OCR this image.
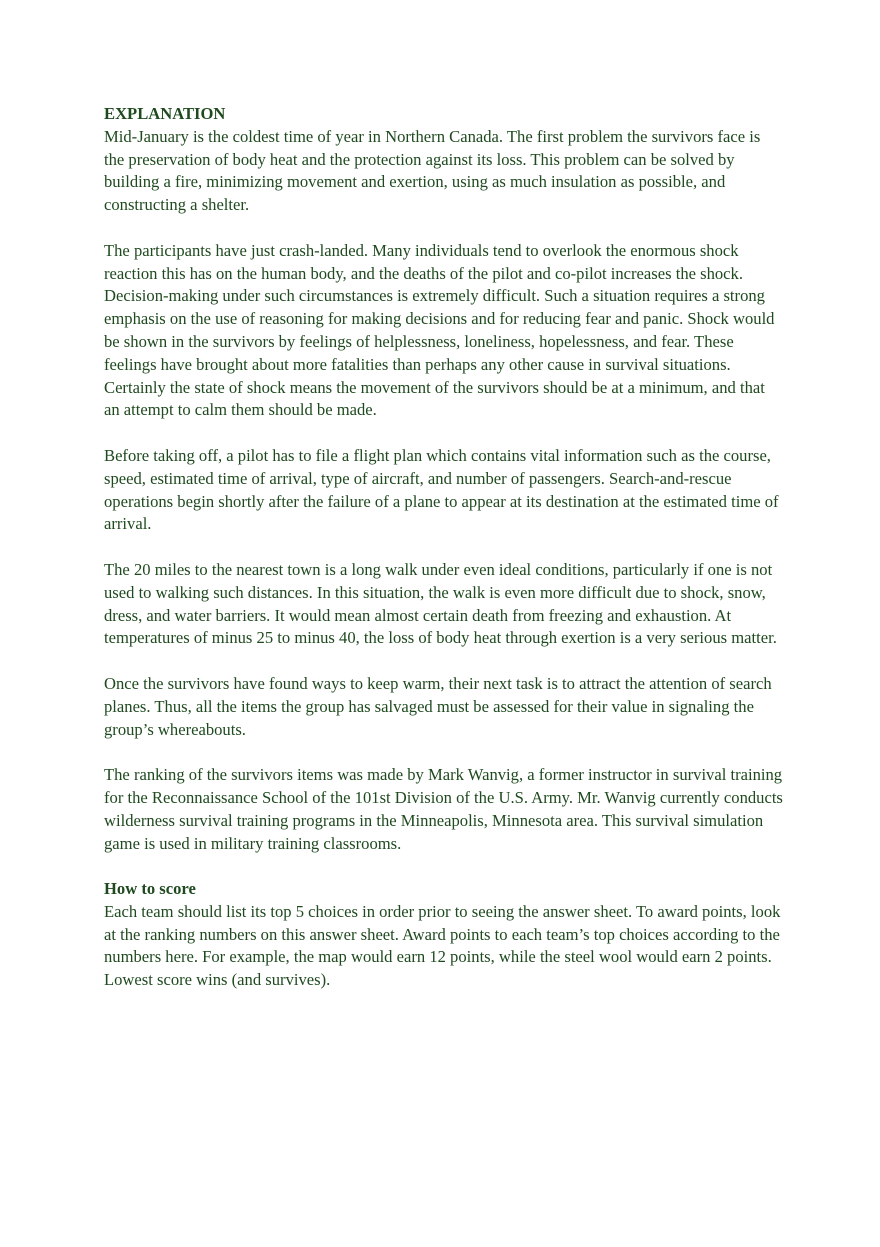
EXPLANATION

Mid-January is the coldest time of year in Northern Canada. The first problem the survivors face is the preservation of body heat and the protection against its loss. This problem can be solved by building a fire, minimizing movement and exertion, using as much insulation as possible, and constructing a shelter.

The participants have just crash-landed. Many individuals tend to overlook the enormous shock reaction this has on the human body, and the deaths of the pilot and co-pilot increases the shock. Decision-making under such circumstances is extremely difficult. Such a situation requires a strong emphasis on the use of reasoning for making decisions and for reducing fear and panic. Shock would be shown in the survivors by feelings of helplessness, loneliness, hopelessness, and fear. These feelings have brought about more fatalities than perhaps any other cause in survival situations. Certainly the state of shock means the movement of the survivors should be at a minimum, and that an attempt to calm them should be made.

Before taking off, a pilot has to file a flight plan which contains vital information such as the course, speed, estimated time of arrival, type of aircraft, and number of passengers. Search-and-rescue operations begin shortly after the failure of a plane to appear at its destination at the estimated time of arrival.

The 20 miles to the nearest town is a long walk under even ideal conditions, particularly if one is not used to walking such distances. In this situation, the walk is even more difficult due to shock, snow, dress, and water barriers. It would mean almost certain death from freezing and exhaustion. At temperatures of minus 25 to minus 40, the loss of body heat through exertion is a very serious matter.

Once the survivors have found ways to keep warm, their next task is to attract the attention of search planes. Thus, all the items the group has salvaged must be assessed for their value in signaling the group’s whereabouts.

The ranking of the survivors items was made by Mark Wanvig, a former instructor in survival training for the Reconnaissance School of the 101st Division of the U.S. Army. Mr. Wanvig currently conducts wilderness survival training programs in the Minneapolis, Minnesota area. This survival simulation game is used in military training classrooms.

How to score

Each team should list its top 5 choices in order prior to seeing the answer sheet. To award points, look at the ranking numbers on this answer sheet. Award points to each team’s top choices according to the numbers here. For example, the map would earn 12 points, while the steel wool would earn 2 points. Lowest score wins (and survives).
